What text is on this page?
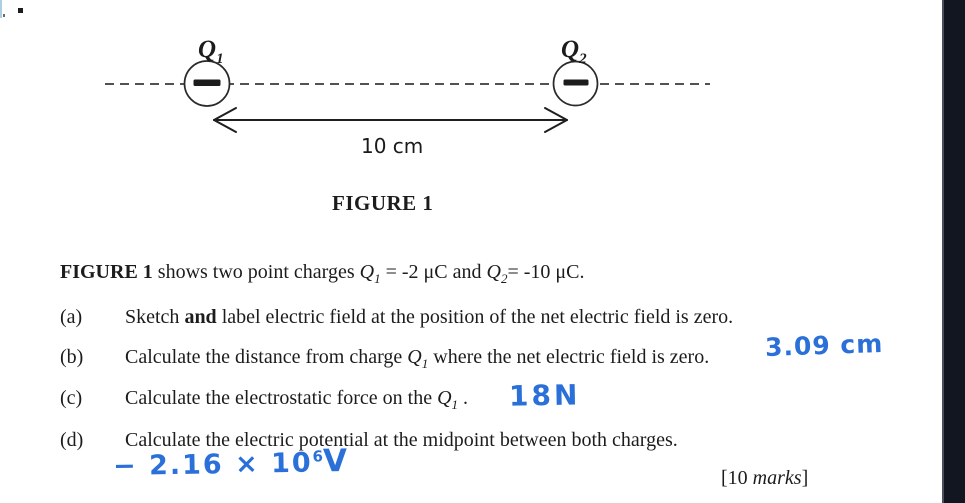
$Q_1$	$Q_2$
10 cm
FIGURE 1
FIGURE 1 shows two point charges $Q_1 = -2$ μC and $Q_2= -10$ μC.
(a) Sketch and label electric field at the position of the net electric field is zero.
(b) Calculate the distance from charge $Q_1$ where the net electric field is zero.
(c) Calculate the electrostatic force on the $Q_1$ .
(d) Calculate the electric potential at the midpoint between both charges.
3.09 cm
18N
− $2.16 \times 10^6V$	[10 marks]
